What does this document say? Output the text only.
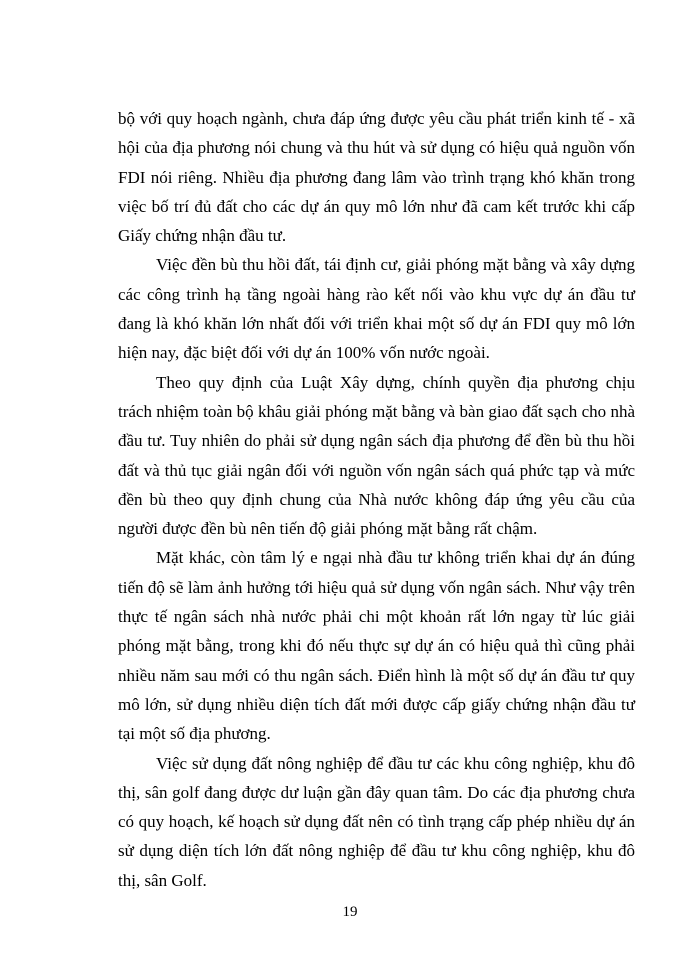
bộ với quy hoạch ngành, chưa đáp ứng được yêu cầu phát triển kinh tế - xã hội của địa phương nói chung và thu hút và sử dụng có hiệu quả nguồn vốn FDI nói riêng. Nhiều địa phương đang lâm vào trình trạng khó khăn trong việc bố trí đủ đất cho các dự án quy mô lớn như đã cam kết trước khi cấp Giấy chứng nhận đầu tư.

Việc đền bù thu hồi đất, tái định cư, giải phóng mặt bằng và xây dựng các công trình hạ tầng ngoài hàng rào kết nối vào khu vực dự án đầu tư đang là khó khăn lớn nhất đối với triển khai một số dự án FDI quy mô lớn hiện nay, đặc biệt đối với dự án 100% vốn nước ngoài.

Theo quy định của Luật Xây dựng, chính quyền địa phương chịu trách nhiệm toàn bộ khâu giải phóng mặt bằng và bàn giao đất sạch cho nhà đầu tư. Tuy nhiên do phải sử dụng ngân sách địa phương để đền bù thu hồi đất và thủ tục giải ngân đối với nguồn vốn ngân sách quá phức tạp và mức đền bù theo quy định chung của Nhà nước không đáp ứng yêu cầu của người được đền bù nên tiến độ giải phóng mặt bằng rất chậm.

Mặt khác, còn tâm lý e ngại nhà đầu tư không triển khai dự án đúng tiến độ sẽ làm ảnh hưởng tới hiệu quả sử dụng vốn ngân sách. Như vậy trên thực tế ngân sách nhà nước phải chi một khoản rất lớn ngay từ lúc giải phóng mặt bằng, trong khi đó nếu thực sự dự án có hiệu quả thì cũng phải nhiều năm sau mới có thu ngân sách. Điển hình là một số dự án đầu tư quy mô lớn, sử dụng nhiều diện tích đất mới được cấp giấy chứng nhận đầu tư tại một số địa phương.

Việc sử dụng đất nông nghiệp để đầu tư các khu công nghiệp, khu đô thị, sân golf đang được dư luận gần đây quan tâm. Do các địa phương chưa có quy hoạch, kế hoạch sử dụng đất nên có tình trạng cấp phép nhiều dự án sử dụng diện tích lớn đất nông nghiệp để đầu tư khu công nghiệp, khu đô thị, sân Golf.

19
